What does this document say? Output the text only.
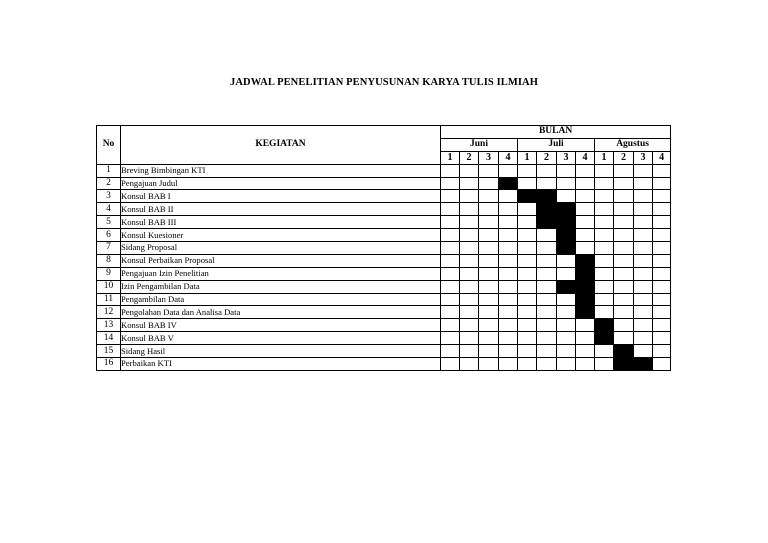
JADWAL PENELITIAN PENYUSUNAN KARYA TULIS ILMIAH
No	KEGIATAN	BULAN											
		Juni				Juli				Agustus			
		1	2	3	4	1	2	3	4	1	2	3	4
1	Breving Bimbingan KTI												
2	Pengajuan Judul												
3	Konsul BAB I												
4	Konsul BAB II												
5	Konsul BAB III												
6	Konsul Kuesioner												
7	Sidang Proposal												
8	Konsul Perbaikan Proposal												
9	Pengajuan Izin Penelitian												
10	Izin Pengambilan Data												
11	Pengambilan Data												
12	Pengolahan Data dan Analisa Data												
13	Konsul BAB IV												
14	Konsul BAB V												
15	Sidang Hasil												
16	Perbaikan KTI												
